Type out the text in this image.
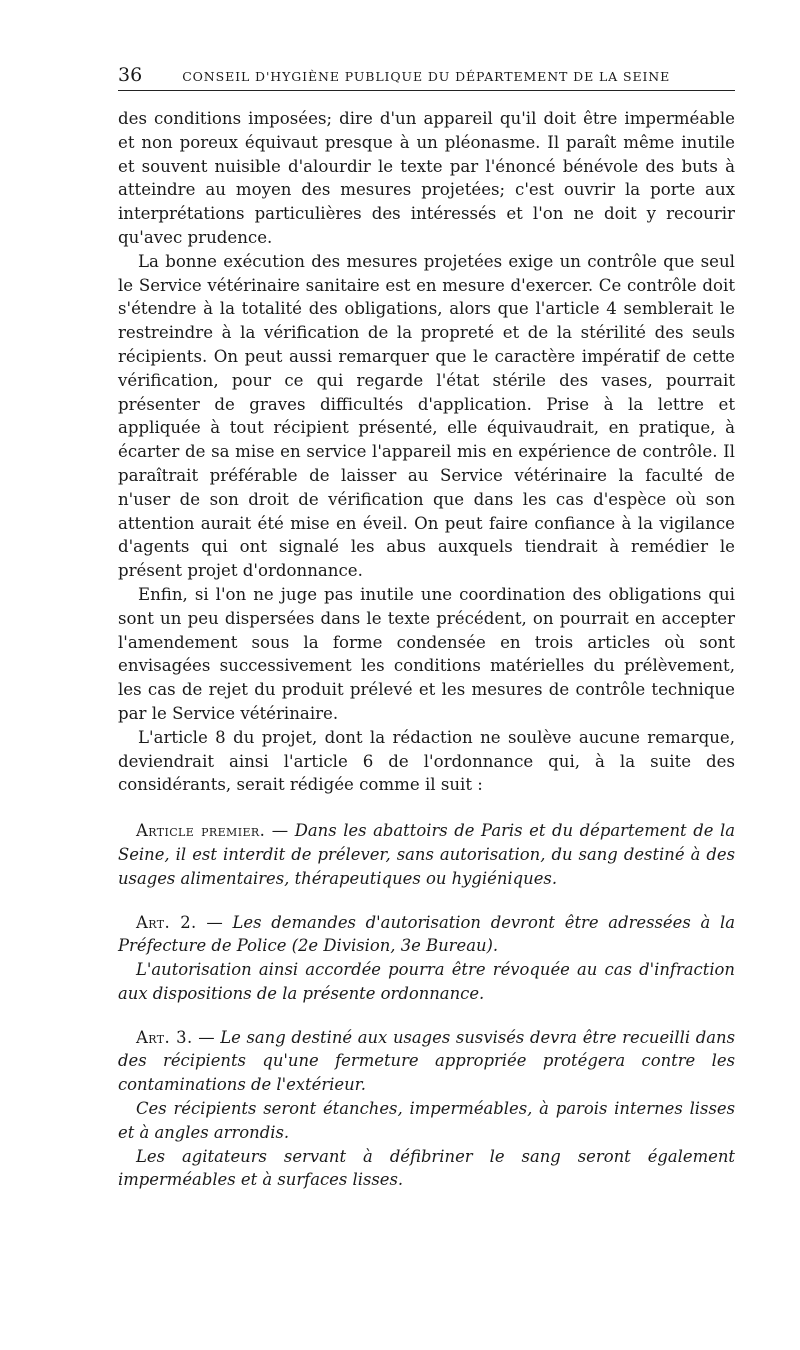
36	CONSEIL D'HYGIÈNE PUBLIQUE DU DÉPARTEMENT DE LA SEINE

des conditions imposées; dire d'un appareil qu'il doit être imperméable et non poreux équivaut presque à un pléonasme. Il paraît même inutile et souvent nuisible d'alourdir le texte par l'énoncé bénévole des buts à atteindre au moyen des mesures projetées; c'est ouvrir la porte aux interprétations particulières des intéressés et l'on ne doit y recourir qu'avec prudence.

La bonne exécution des mesures projetées exige un contrôle que seul le Service vétérinaire sanitaire est en mesure d'exercer. Ce contrôle doit s'étendre à la totalité des obligations, alors que l'article 4 semblerait le restreindre à la vérification de la propreté et de la stérilité des seuls récipients. On peut aussi remarquer que le caractère impératif de cette vérification, pour ce qui regarde l'état stérile des vases, pourrait présenter de graves difficultés d'application. Prise à la lettre et appliquée à tout récipient présenté, elle équivaudrait, en pratique, à écarter de sa mise en service l'appareil mis en expérience de contrôle. Il paraîtrait préférable de laisser au Service vétérinaire la faculté de n'user de son droit de vérification que dans les cas d'espèce où son attention aurait été mise en éveil. On peut faire confiance à la vigilance d'agents qui ont signalé les abus auxquels tiendrait à remédier le présent projet d'ordonnance.

Enfin, si l'on ne juge pas inutile une coordination des obligations qui sont un peu dispersées dans le texte précédent, on pourrait en accepter l'amendement sous la forme condensée en trois articles où sont envisagées successivement les conditions matérielles du prélèvement, les cas de rejet du produit prélevé et les mesures de contrôle technique par le Service vétérinaire.

L'article 8 du projet, dont la rédaction ne soulève aucune remarque, deviendrait ainsi l'article 6 de l'ordonnance qui, à la suite des considérants, serait rédigée comme il suit :

Article premier. — Dans les abattoirs de Paris et du département de la Seine, il est interdit de prélever, sans autorisation, du sang destiné à des usages alimentaires, thérapeutiques ou hygiéniques.

Art. 2. — Les demandes d'autorisation devront être adressées à la Préfecture de Police (2e Division, 3e Bureau).

L'autorisation ainsi accordée pourra être révoquée au cas d'infraction aux dispositions de la présente ordonnance.

Art. 3. — Le sang destiné aux usages susvisés devra être recueilli dans des récipients qu'une fermeture appropriée protégera contre les contaminations de l'extérieur.

Ces récipients seront étanches, imperméables, à parois internes lisses et à angles arrondis.

Les agitateurs servant à défibriner le sang seront également imperméables et à surfaces lisses.
